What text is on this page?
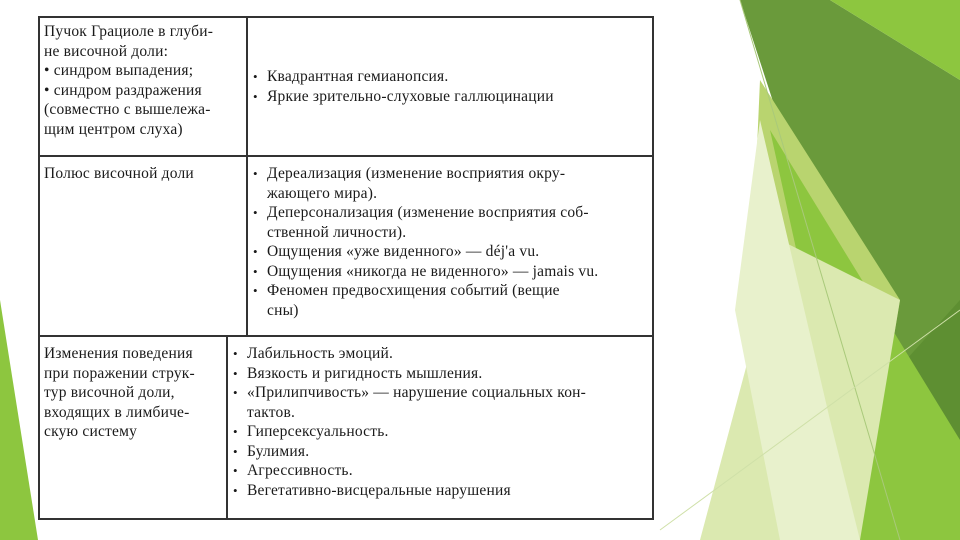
Пучок Грациоле в глуби-
не височной доли:
• синдром выпадения;
• синдром раздражения
(совместно с вышележа-
щим центром слуха)
• Квадрантная гемианопсия.
• Яркие зрительно-слуховые галлюцинации
Полюс височной доли
•	Дереализация (изменение восприятия окру-
жающего мира).
• Деперсонализация (изменение восприятия соб-
ственной личности).
• Ощущения «уже виденного» — déj'a vu.
• Ощущения «никогда не виденного» — jamais vu.
• Феномен предвосхищения событий (вещие
сны)
Изменения поведения
при поражении струк-
тур височной доли,
входящих в лимбиче-
скую систему
• Лабильность эмоций.
• Вязкость и ригидность мышления.
• «Прилипчивость» — нарушение социальных кон-
тактов.
• Гиперсексуальность.
• Булимия.
• Агрессивность.
• Вегетативно-висцеральные нарушения
